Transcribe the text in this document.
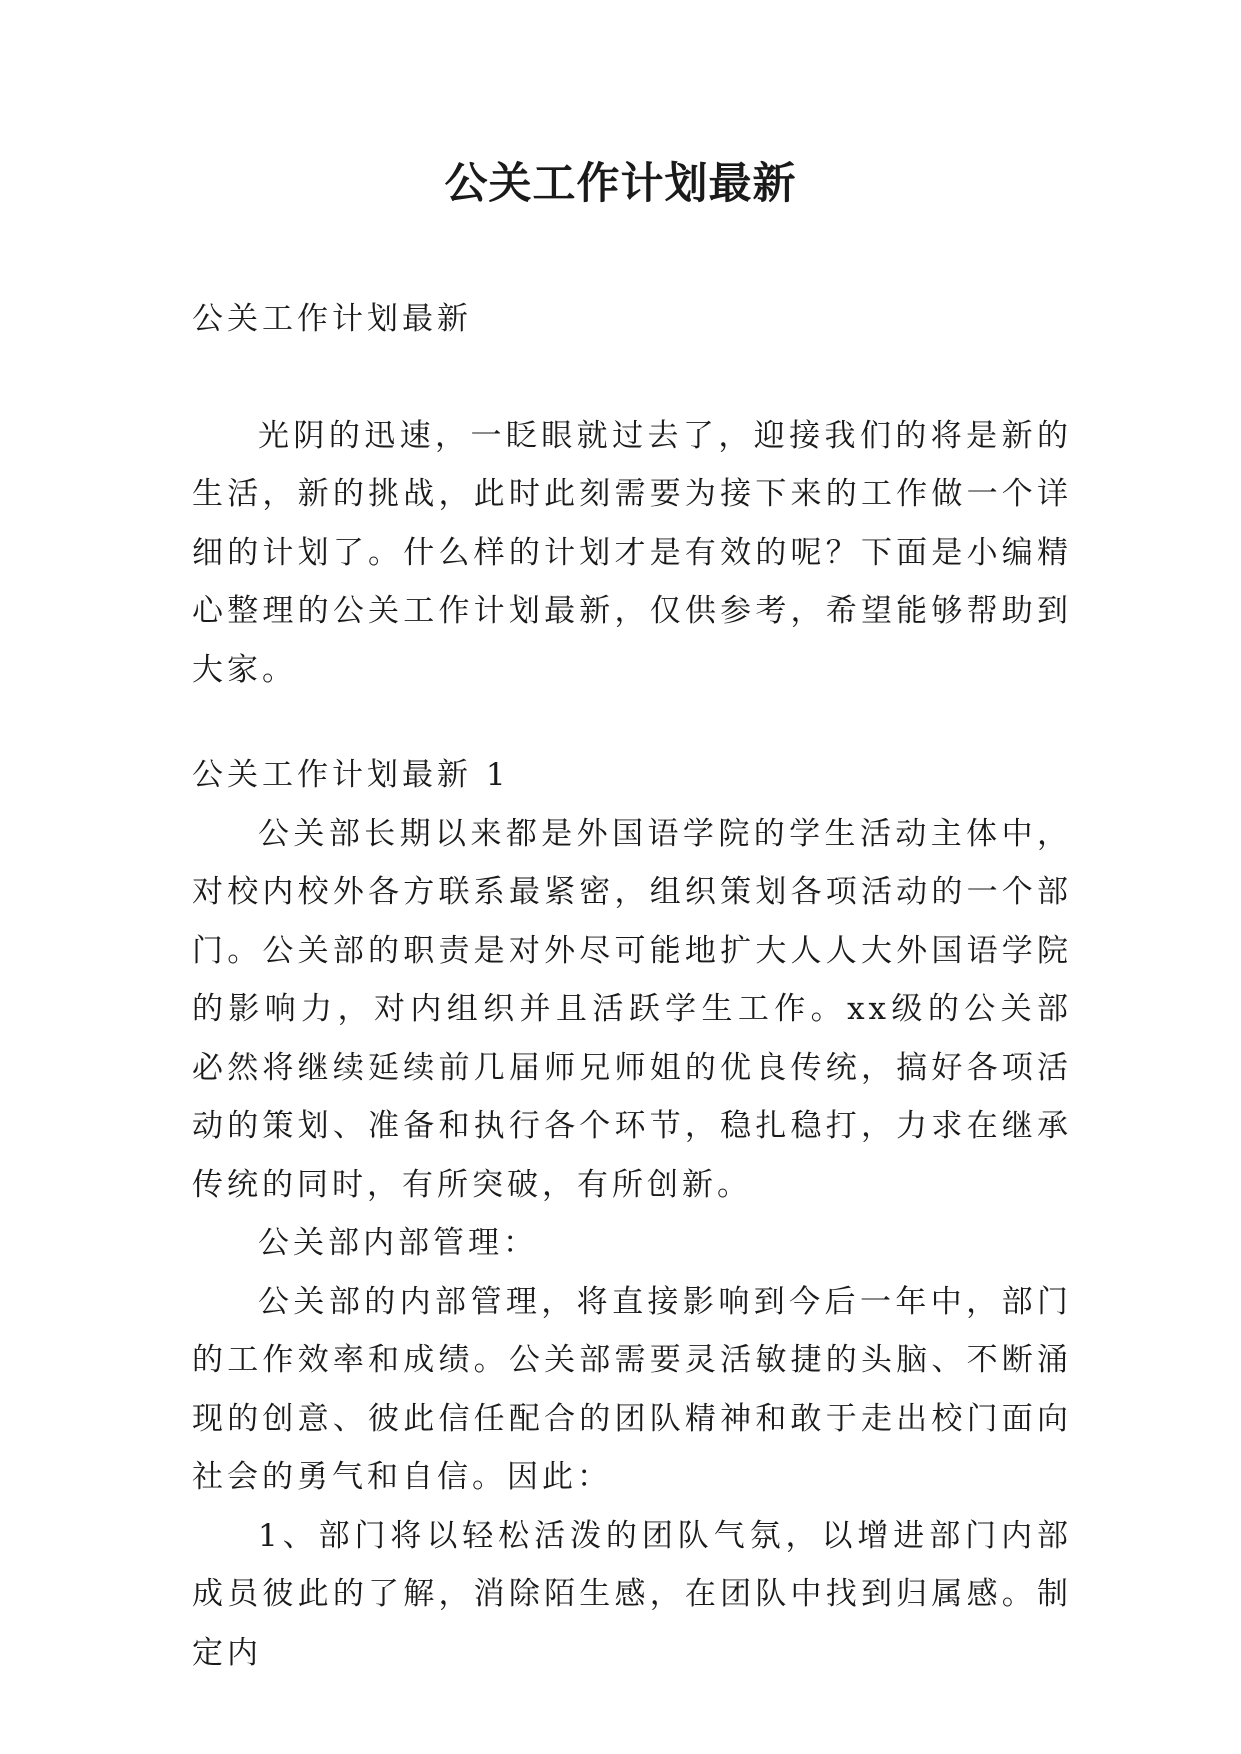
公关工作计划最新

公关工作计划最新

光阴的迅速，一眨眼就过去了，迎接我们的将是新的生活，新的挑战，此时此刻需要为接下来的工作做一个详细的计划了。什么样的计划才是有效的呢？下面是小编精心整理的公关工作计划最新，仅供参考，希望能够帮助到大家。

公关工作计划最新 1

公关部长期以来都是外国语学院的学生活动主体中，对校内校外各方联系最紧密，组织策划各项活动的一个部门。公关部的职责是对外尽可能地扩大人人大外国语学院的影响力，对内组织并且活跃学生工作。xx级的公关部必然将继续延续前几届师兄师姐的优良传统，搞好各项活动的策划、准备和执行各个环节，稳扎稳打，力求在继承传统的同时，有所突破，有所创新。

公关部内部管理：

公关部的内部管理，将直接影响到今后一年中，部门的工作效率和成绩。公关部需要灵活敏捷的头脑、不断涌现的创意、彼此信任配合的团队精神和敢于走出校门面向社会的勇气和自信。因此：

1、部门将以轻松活泼的团队气氛，以增进部门内部成员彼此的了解，消除陌生感，在团队中找到归属感。制定内
